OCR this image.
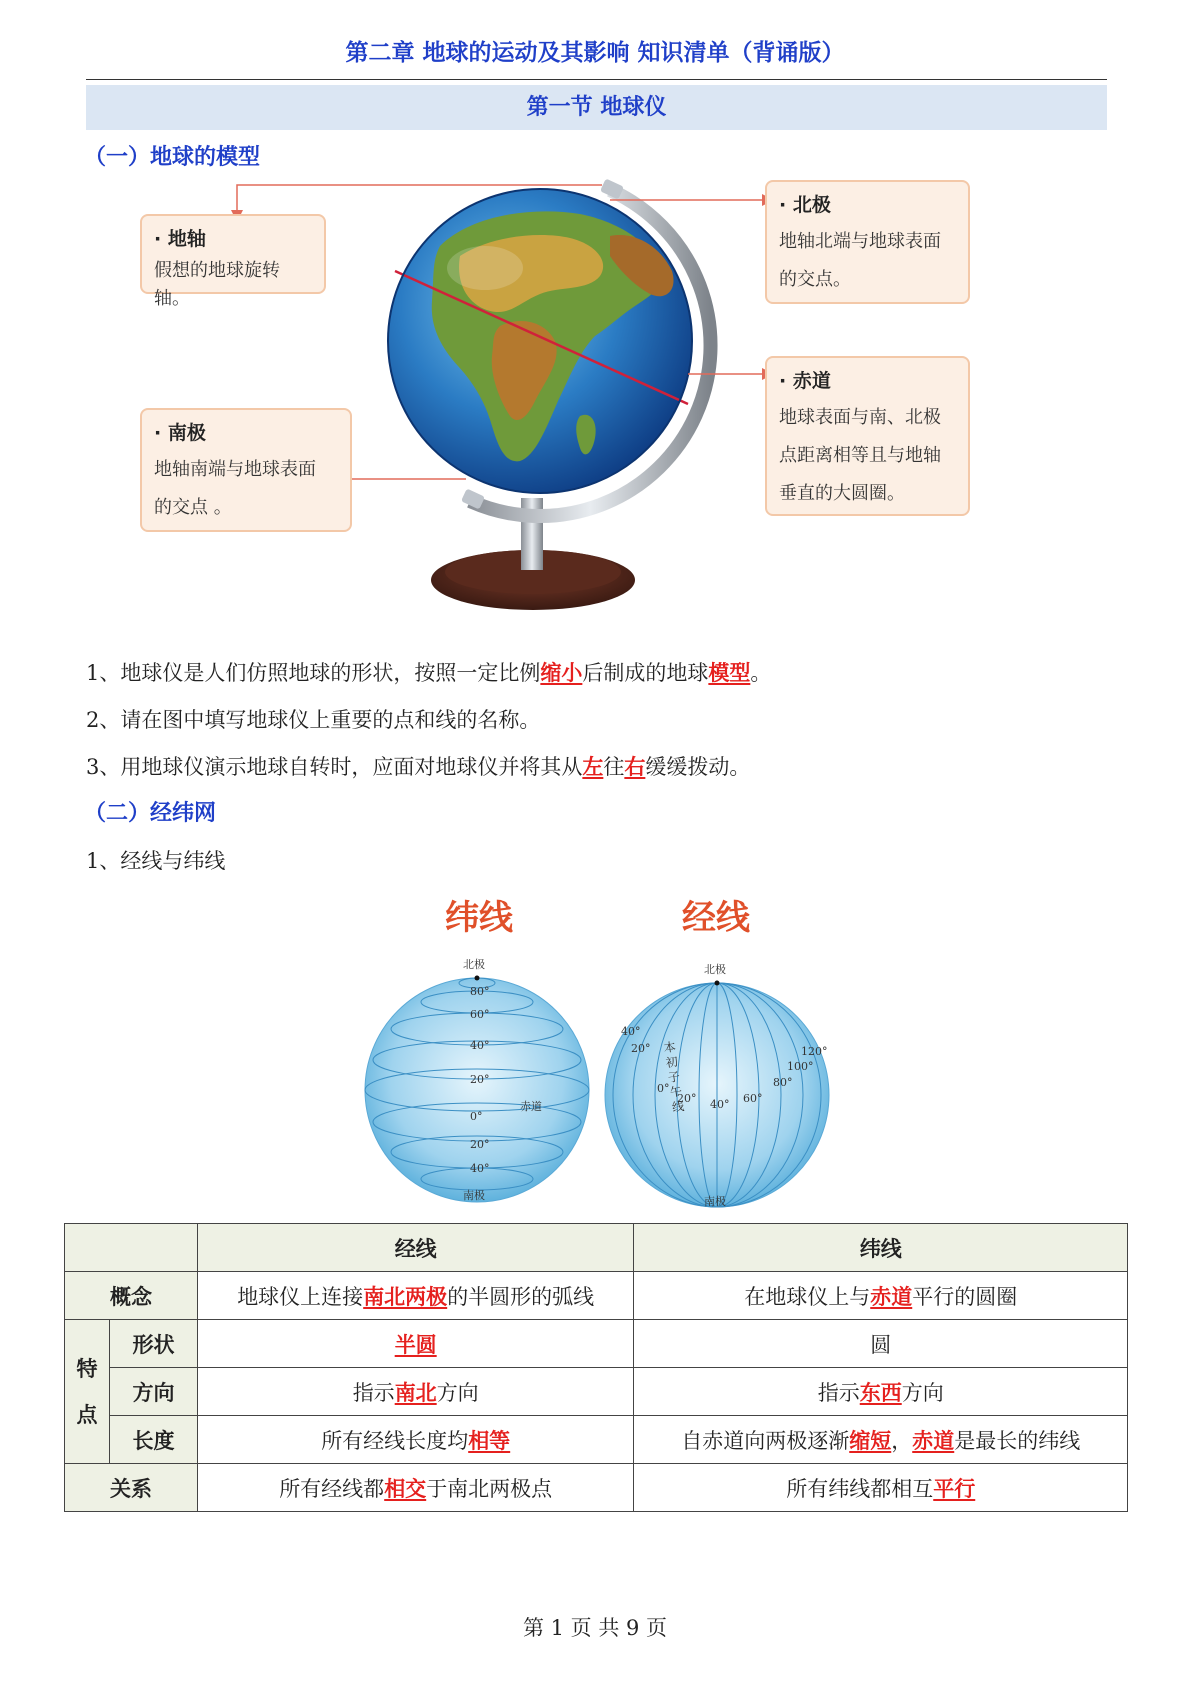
第二章 地球的运动及其影响 知识清单（背诵版）
第一节 地球仪
（一）地球的模型
· 地轴
假想的地球旋转轴。
· 北极
地轴北端与地球表面
的交点。
· 南极
地轴南端与地球表面
的交点 。
· 赤道
地球表面与南、北极
点距离相等且与地轴
垂直的大圆圈。
1、地球仪是人们仿照地球的形状，按照一定比例缩小后制成的地球模型。
2、请在图中填写地球仪上重要的点和线的名称。
3、用地球仪演示地球自转时，应面对地球仪并将其从左往右缓缓拨动。
（二）经纬网
1、经线与纬线
纬线	经线
北极
80°
60°
40°
20°
0°
20°
40°
赤道
南极
北极
40°
20°
0°
20° 40° 60°
80°
100°
120°
南极
本初子午线
		经线	纬线
概念		地球仪上连接南北两极的半圆形的弧线	在地球仪上与赤道平行的圆圈

特
点	形状	半圆	圆
	方向	指示南北方向	指示东西方向
	长度	所有经线长度均相等	自赤道向两极逐渐缩短，赤道是最长的纬线
关系		所有经线都相交于南北两极点	所有纬线都相互平行
第 1 页 共 9 页
